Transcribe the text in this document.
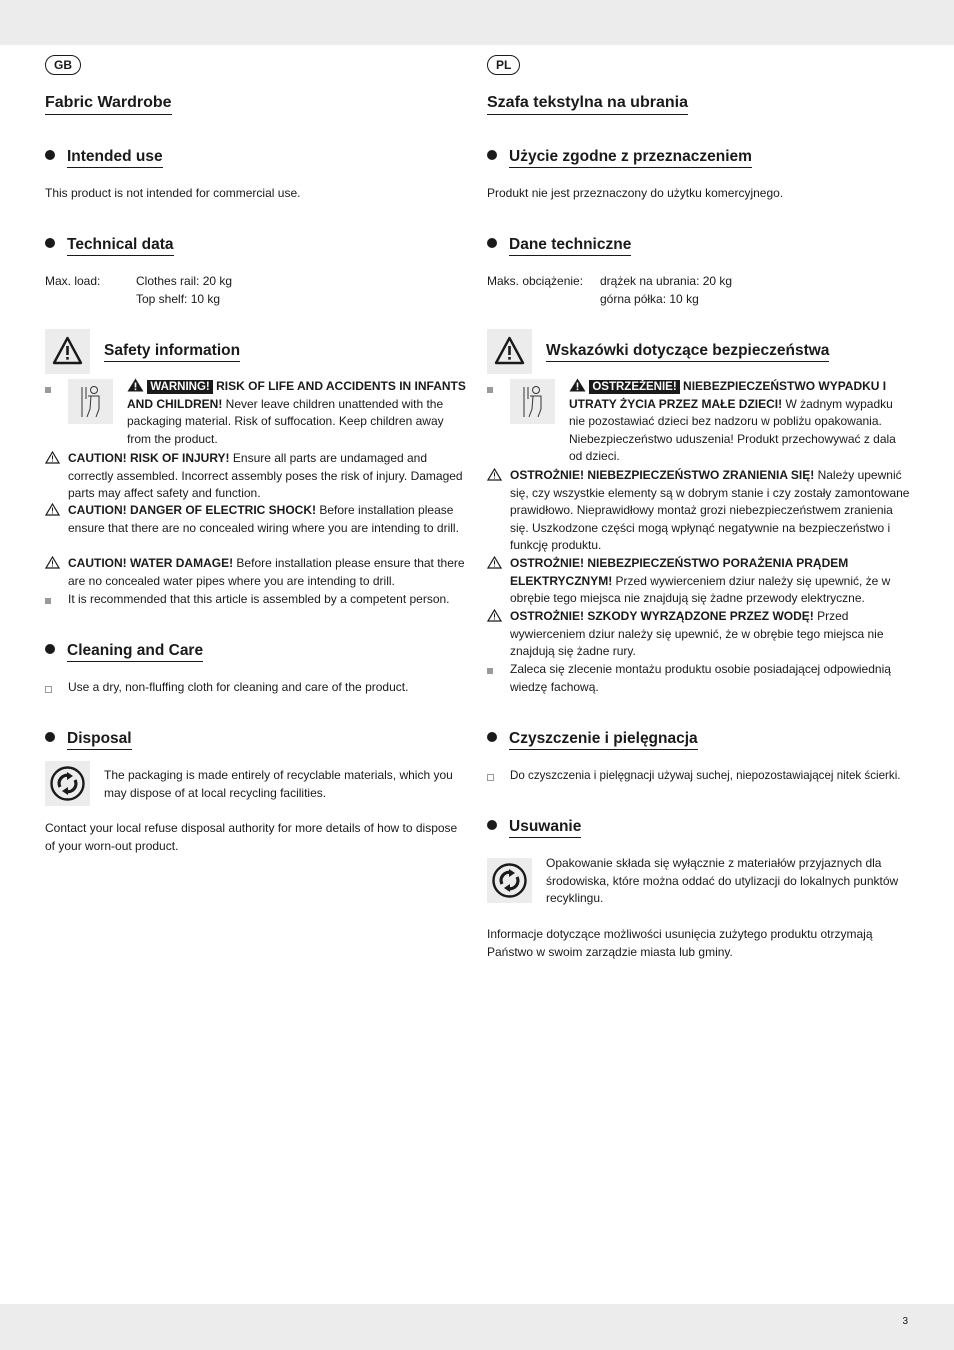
3
GB
Fabric Wardrobe
Intended use
This product is not intended for commercial use.
Technical data
Max. load:	Clothes rail: 20 kg
Top shelf: 10 kg
Safety information
WARNING! RISK OF LIFE AND ACCIDENTS IN INFANTS AND CHILDREN! Never leave children unattended with the packaging material. Risk of suffocation. Keep children away from the product.
CAUTION! RISK OF INJURY! Ensure all parts are undamaged and correctly assembled. Incorrect assembly poses the risk of injury. Damaged parts may affect safety and function.
CAUTION! DANGER OF ELECTRIC SHOCK! Before installation please ensure that there are no concealed wiring where you are intending to drill.
CAUTION! WATER DAMAGE! Before installation please ensure that there are no concealed water pipes where you are intending to drill.
It is recommended that this article is assembled by a competent person.
Cleaning and Care
Use a dry, non-fluffing cloth for cleaning and care of the product.
Disposal
The packaging is made entirely of recyclable materials, which you may dispose of at local recycling facilities.
Contact your local refuse disposal authority for more details of how to dispose of your worn-out product.
PL
Szafa tekstylna na ubrania
Użycie zgodne z przeznaczeniem
Produkt nie jest przeznaczony do użytku komercyjnego.
Dane techniczne
Maks. obciążenie: drążek na ubrania: 20 kg
górna półka: 10 kg
Wskazówki dotyczące bezpieczeństwa
OSTRZEŻENIE! NIEBEZPIECZEŃSTWO WYPADKU I UTRATY ŻYCIA PRZEZ MAŁE DZIECI! W żadnym wypadku nie pozostawiać dzieci bez nadzoru w pobliżu opakowania. Niebezpieczeństwo uduszenia! Produkt przechowywać z dala od dzieci.
OSTROŻNIE! NIEBEZPIECZEŃSTWO ZRANIENIA SIĘ! Należy upewnić się, czy wszystkie elementy są w dobrym stanie i czy zostały zamontowane prawidłowo. Nieprawidłowy montaż grozi niebezpieczeństwem zranienia się. Uszkodzone części mogą wpłynąć negatywnie na bezpieczeństwo i funkcję produktu.
OSTROŻNIE! NIEBEZPIECZEŃSTWO PORAŻENIA PRĄDEM ELEKTRYCZNYM! Przed wywierceniem dziur należy się upewnić, że w obrębie tego miejsca nie znajdują się żadne przewody elektryczne.
OSTROŻNIE! SZKODY WYRZĄDZONE PRZEZ WODĘ! Przed wywierceniem dziur należy się upewnić, że w obrębie tego miejsca nie znajdują się żadne rury.
Zaleca się zlecenie montażu produktu osobie posiadającej odpowiednią wiedzę fachową.
Czyszczenie i pielęgnacja
Do czyszczenia i pielęgnacji używaj suchej, niepozostawiającej nitek ścierki.
Usuwanie
Opakowanie składa się wyłącznie z materiałów przyjaznych dla środowiska, które można oddać do utylizacji do lokalnych punktów recyklingu.
Informacje dotyczące możliwości usunięcia zużytego produktu otrzymają Państwo w swoim zarządzie miasta lub gminy.
